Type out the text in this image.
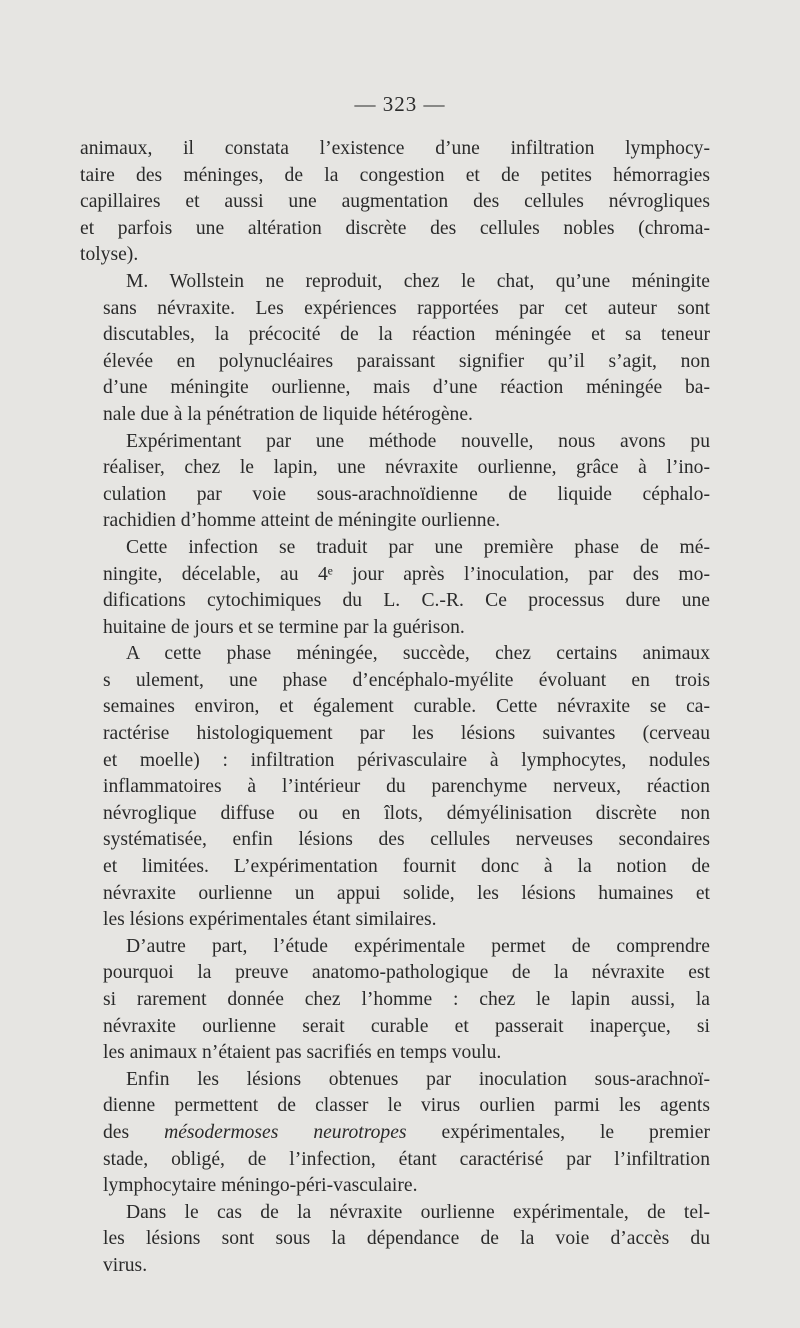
— 323 —

animaux, il constata l’existence d’une infiltration lymphocy-
taire des méninges, de la congestion et de petites hémorragies
capillaires et aussi une augmentation des cellules névrogliques
et parfois une altération discrète des cellules nobles (chroma-
tolyse).

M. Wollstein ne reproduit, chez le chat, qu’une méningite
sans névraxite. Les expériences rapportées par cet auteur sont
discutables, la précocité de la réaction méningée et sa teneur
élevée en polynucléaires paraissant signifier qu’il s’agit, non
d’une méningite ourlienne, mais d’une réaction méningée ba-
nale due à la pénétration de liquide hétérogène.

Expérimentant par une méthode nouvelle, nous avons pu
réaliser, chez le lapin, une névraxite ourlienne, grâce à l’ino-
culation par voie sous-arachnoïdienne de liquide céphalo-
rachidien d’homme atteint de méningite ourlienne.

Cette infection se traduit par une première phase de mé-
ningite, décelable, au 4ᵉ jour après l’inoculation, par des mo-
difications cytochimiques du L. C.-R. Ce processus dure une
huitaine de jours et se termine par la guérison.

A cette phase méningée, succède, chez certains animaux
s ulement, une phase d’encéphalo-myélite évoluant en trois
semaines environ, et également curable. Cette névraxite se ca-
ractérise histologiquement par les lésions suivantes (cerveau
et moelle) : infiltration périvasculaire à lymphocytes, nodules
inflammatoires à l’intérieur du parenchyme nerveux, réaction
névroglique diffuse ou en îlots, démyélinisation discrète non
systématisée, enfin lésions des cellules nerveuses secondaires
et limitées. L’expérimentation fournit donc à la notion de
névraxite ourlienne un appui solide, les lésions humaines et
les lésions expérimentales étant similaires.

D’autre part, l’étude expérimentale permet de comprendre
pourquoi la preuve anatomo-pathologique de la névraxite est
si rarement donnée chez l’homme : chez le lapin aussi, la
névraxite ourlienne serait curable et passerait inaperçue, si
les animaux n’étaient pas sacrifiés en temps voulu.

Enfin les lésions obtenues par inoculation sous-arachnoï-
dienne permettent de classer le virus ourlien parmi les agents
des mésodermoses neurotropes expérimentales, le premier
stade, obligé, de l’infection, étant caractérisé par l’infiltration
lymphocytaire méningo-péri-vasculaire.

Dans le cas de la névraxite ourlienne expérimentale, de tel-
les lésions sont sous la dépendance de la voie d’accès du
virus.
